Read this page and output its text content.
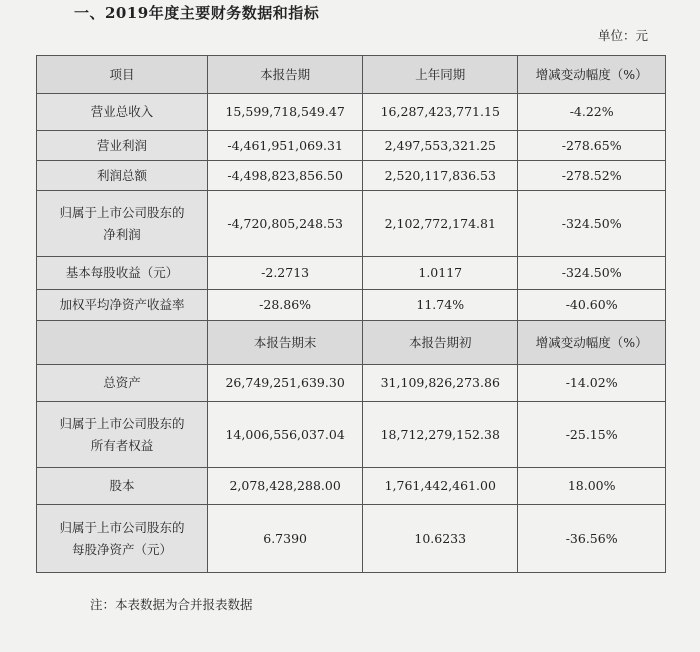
一、2019年度主要财务数据和指标
单位：元
项目	本报告期	上年同期	增减变动幅度（%）
营业总收入	15,599,718,549.47	16,287,423,771.15	-4.22%
营业利润	-4,461,951,069.31	2,497,553,321.25	-278.65%
利润总额	-4,498,823,856.50	2,520,117,836.53	-278.52%

归属于上市公司股东的
净利润	-4,720,805,248.53	2,102,772,174.81	-324.50%
基本每股收益（元）	-2.2713	1.0117	-324.50%
加权平均净资产收益率	-28.86%	11.74%	-40.60%
	本报告期末	本报告期初	增减变动幅度（%）
总资产	26,749,251,639.30	31,109,826,273.86	-14.02%

归属于上市公司股东的
所有者权益	14,006,556,037.04	18,712,279,152.38	-25.15%
股本	2,078,428,288.00	1,761,442,461.00	18.00%

归属于上市公司股东的
每股净资产（元）	6.7390	10.6233	-36.56%
注：本表数据为合并报表数据
